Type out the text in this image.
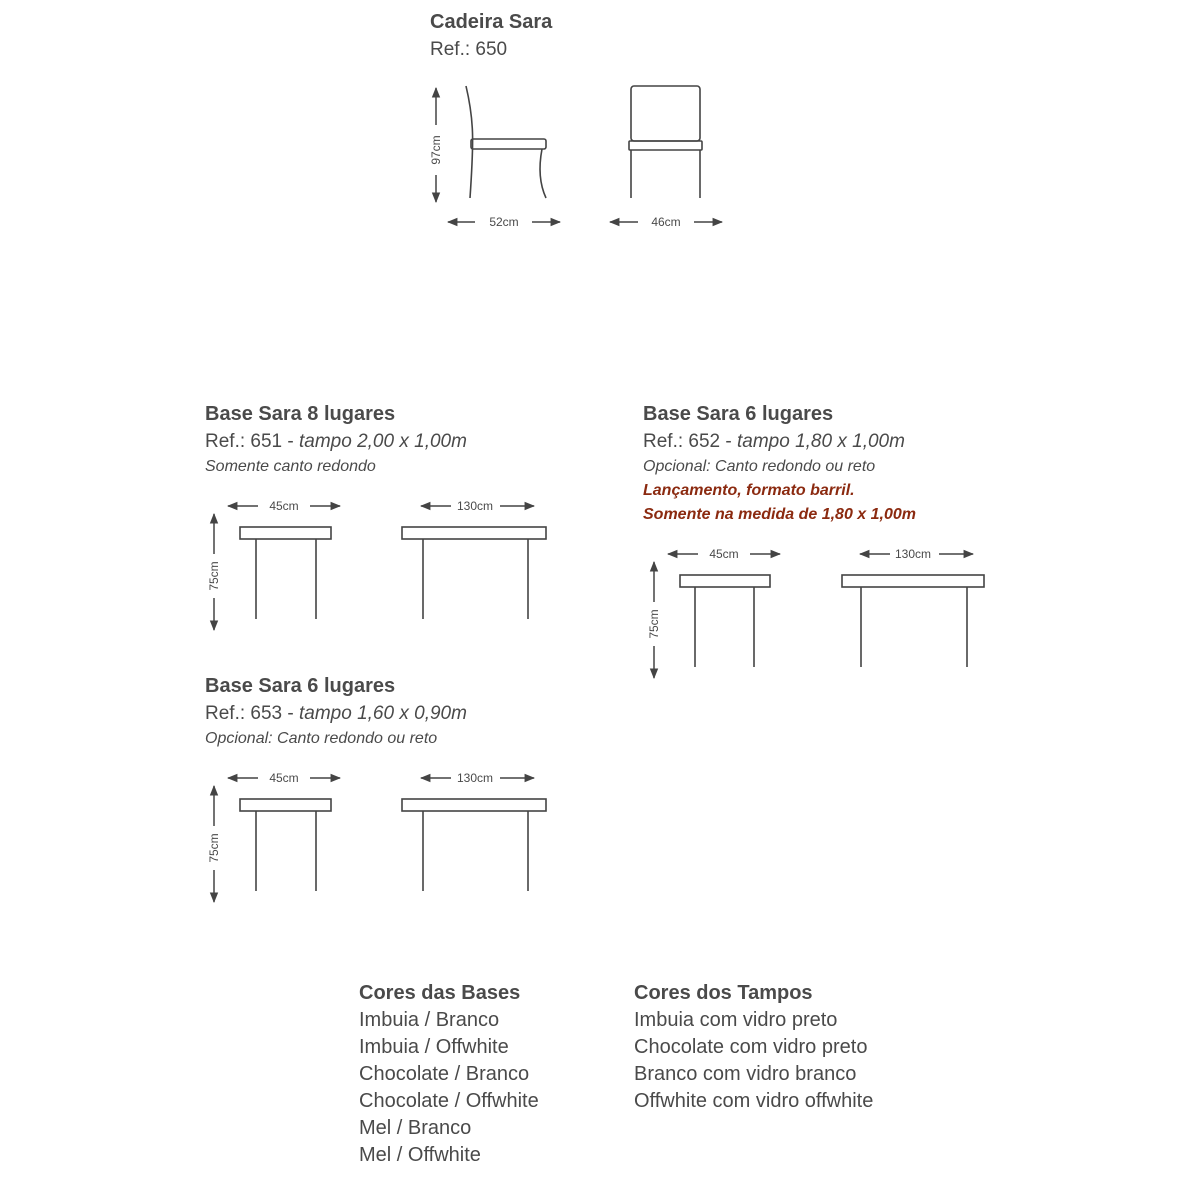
Cadeira Sara
Ref.: 650
97cm
52cm	46cm
Base Sara 8 lugares
Ref.: 651 - tampo 2,00 x 1,00m
Somente canto redondo
75cm
45cm	130cm
Base Sara 6 lugares
Ref.: 652 - tampo 1,80 x 1,00m
Opcional: Canto redondo ou reto
Lançamento, formato barril.
Somente na medida de 1,80 x 1,00m
75cm
45cm	130cm
Base Sara 6 lugares
Ref.: 653 - tampo 1,60 x 0,90m
Opcional: Canto redondo ou reto
75cm
45cm	130cm
Cores das Bases
Imbuia / Branco
Imbuia / Offwhite
Chocolate / Branco
Chocolate / Offwhite
Mel / Branco
Mel / Offwhite
Cores dos Tampos
Imbuia com vidro preto
Chocolate com vidro preto
Branco com vidro branco
Offwhite com vidro offwhite
